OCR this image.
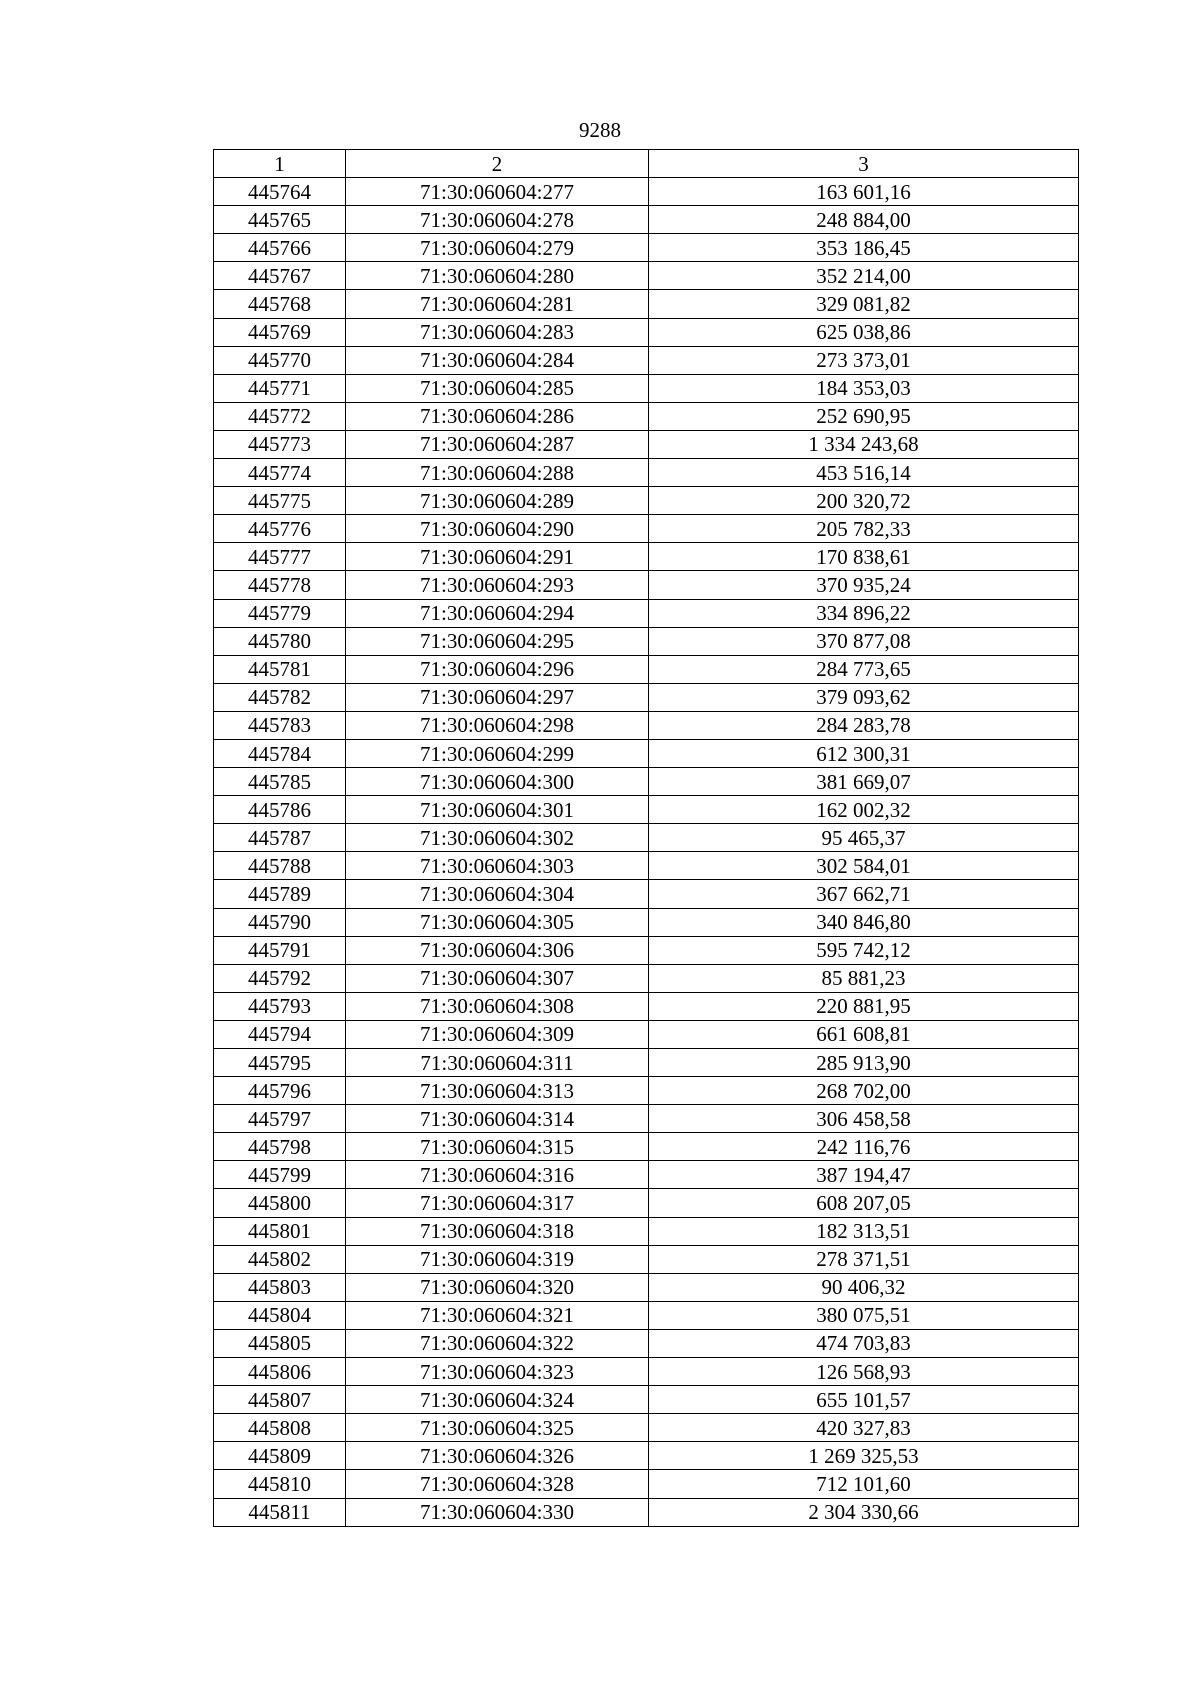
9288
1	2	3
445764	71:30:060604:277	163 601,16
445765	71:30:060604:278	248 884,00
445766	71:30:060604:279	353 186,45
445767	71:30:060604:280	352 214,00
445768	71:30:060604:281	329 081,82
445769	71:30:060604:283	625 038,86
445770	71:30:060604:284	273 373,01
445771	71:30:060604:285	184 353,03
445772	71:30:060604:286	252 690,95
445773	71:30:060604:287	1 334 243,68
445774	71:30:060604:288	453 516,14
445775	71:30:060604:289	200 320,72
445776	71:30:060604:290	205 782,33
445777	71:30:060604:291	170 838,61
445778	71:30:060604:293	370 935,24
445779	71:30:060604:294	334 896,22
445780	71:30:060604:295	370 877,08
445781	71:30:060604:296	284 773,65
445782	71:30:060604:297	379 093,62
445783	71:30:060604:298	284 283,78
445784	71:30:060604:299	612 300,31
445785	71:30:060604:300	381 669,07
445786	71:30:060604:301	162 002,32
445787	71:30:060604:302	95 465,37
445788	71:30:060604:303	302 584,01
445789	71:30:060604:304	367 662,71
445790	71:30:060604:305	340 846,80
445791	71:30:060604:306	595 742,12
445792	71:30:060604:307	85 881,23
445793	71:30:060604:308	220 881,95
445794	71:30:060604:309	661 608,81
445795	71:30:060604:311	285 913,90
445796	71:30:060604:313	268 702,00
445797	71:30:060604:314	306 458,58
445798	71:30:060604:315	242 116,76
445799	71:30:060604:316	387 194,47
445800	71:30:060604:317	608 207,05
445801	71:30:060604:318	182 313,51
445802	71:30:060604:319	278 371,51
445803	71:30:060604:320	90 406,32
445804	71:30:060604:321	380 075,51
445805	71:30:060604:322	474 703,83
445806	71:30:060604:323	126 568,93
445807	71:30:060604:324	655 101,57
445808	71:30:060604:325	420 327,83
445809	71:30:060604:326	1 269 325,53
445810	71:30:060604:328	712 101,60
445811	71:30:060604:330	2 304 330,66
